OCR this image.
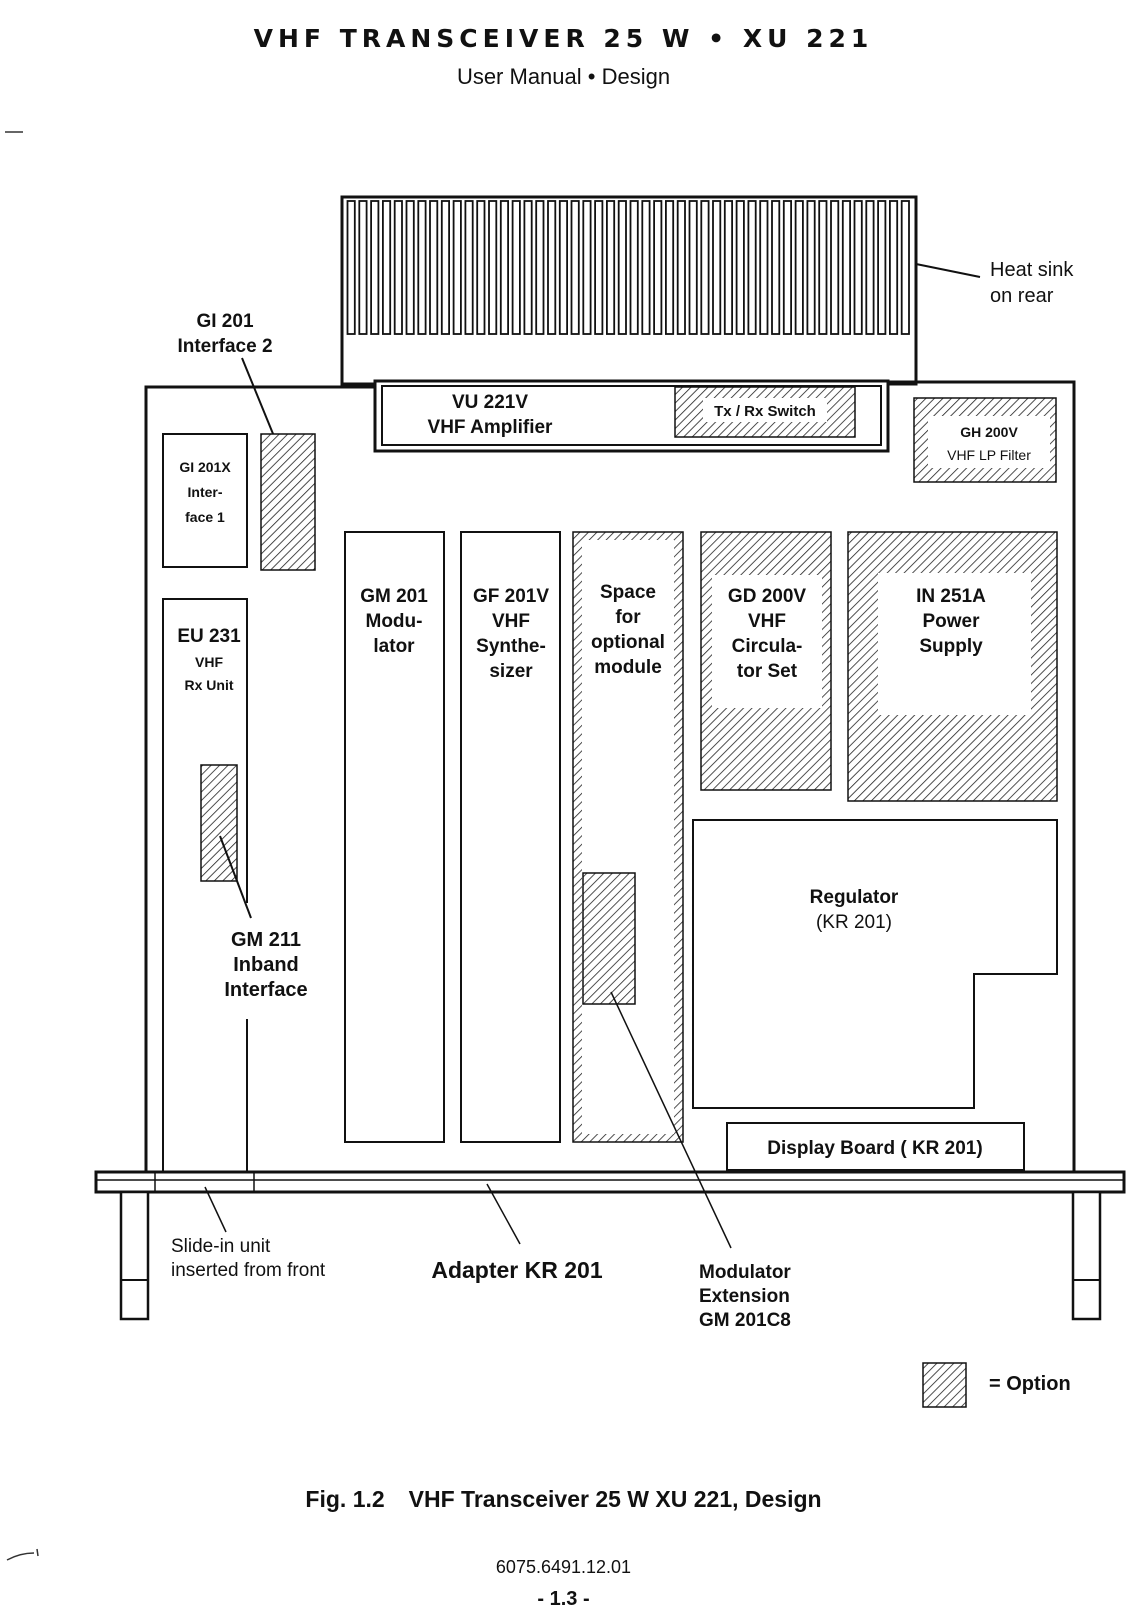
VHF TRANSCEIVER 25 W • XU 221
User Manual • Design
VU 221V
VHF Amplifier
Tx / Rx Switch
GH 200V
VHF LP Filter
Heat sink
on rear
GI 201
Interface 2
GI 201X
Inter-
face 1
EU 231
VHF
Rx Unit
GM 211
Inband
Interface
GM 201
Modu-
lator
GF 201V
VHF
Synthe-
sizer
Space
for
optional
module
GD 200V
VHF
Circula-
tor Set
IN 251A
Power
Supply
Regulator
(KR 201)
Display Board ( KR 201)
Slide-in unit
inserted from front	Adapter KR 201	Modulator
Extension
GM 201C8
= Option
Fig. 1.2 VHF Transceiver 25 W XU 221, Design
6075.6491.12.01
- 1.3 -
